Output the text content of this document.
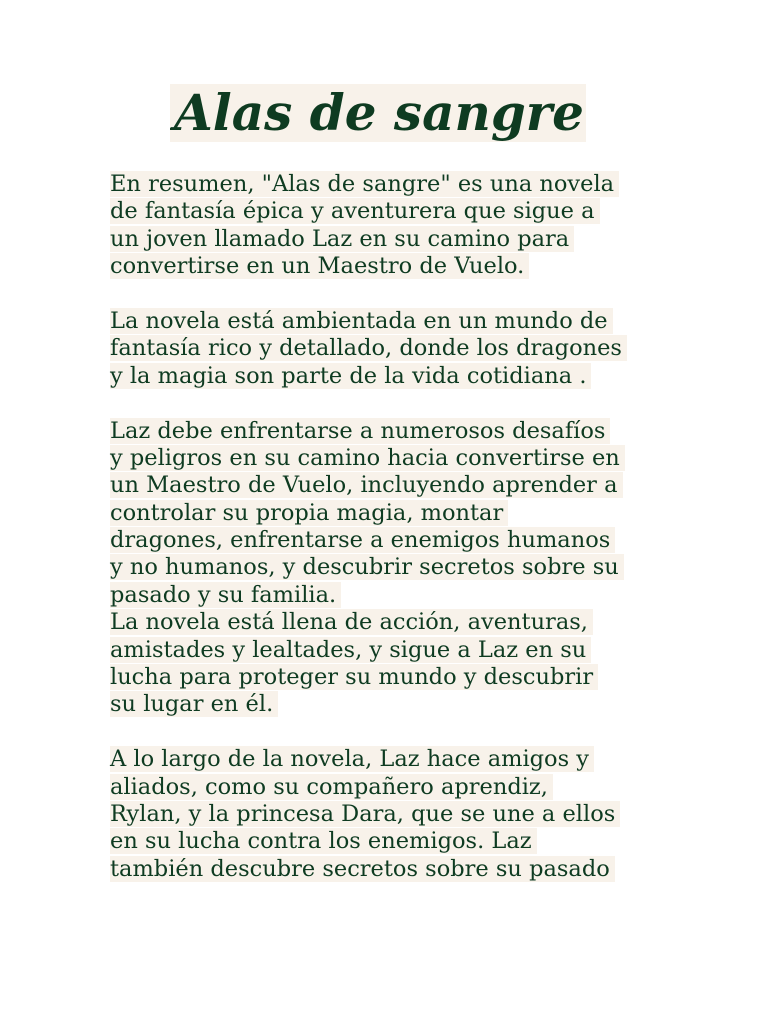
Alas de sangre
En resumen, "Alas de sangre" es una novela
de fantasía épica y aventurera que sigue a
un joven llamado Laz en su camino para
convertirse en un Maestro de Vuelo.
La novela está ambientada en un mundo de
fantasía rico y detallado, donde los dragones
y la magia son parte de la vida cotidiana .
Laz debe enfrentarse a numerosos desafíos
y peligros en su camino hacia convertirse en
un Maestro de Vuelo, incluyendo aprender a
controlar su propia magia, montar
dragones, enfrentarse a enemigos humanos
y no humanos, y descubrir secretos sobre su
pasado y su familia.
La novela está llena de acción, aventuras,
amistades y lealtades, y sigue a Laz en su
lucha para proteger su mundo y descubrir
su lugar en él.
A lo largo de la novela, Laz hace amigos y
aliados, como su compañero aprendiz,
Rylan, y la princesa Dara, que se une a ellos
en su lucha contra los enemigos. Laz
también descubre secretos sobre su pasado
